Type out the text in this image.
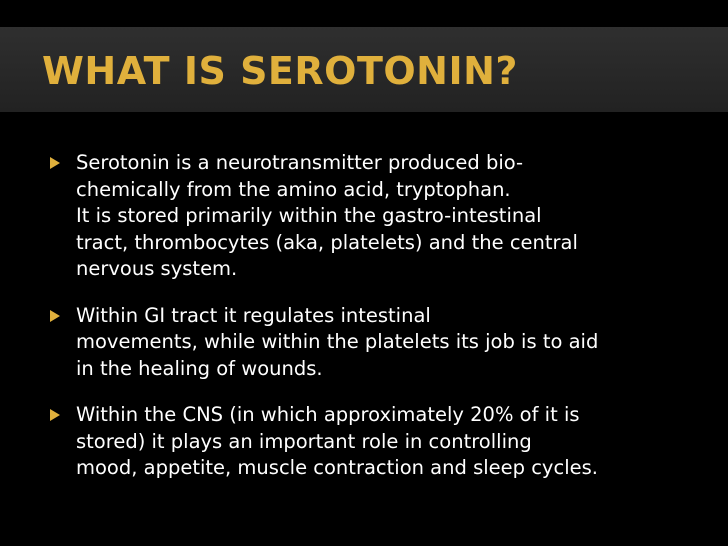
WHAT IS SEROTONIN?

Serotonin is a neurotransmitter produced bio-
chemically from the amino acid, tryptophan.
It is stored primarily within the gastro-intestinal
tract, thrombocytes (aka, platelets) and the central
nervous system.

Within GI tract it regulates intestinal
movements, while within the platelets its job is to aid
in the healing of wounds.

Within the CNS (in which approximately 20% of it is
stored) it plays an important role in controlling
mood, appetite, muscle contraction and sleep cycles.
